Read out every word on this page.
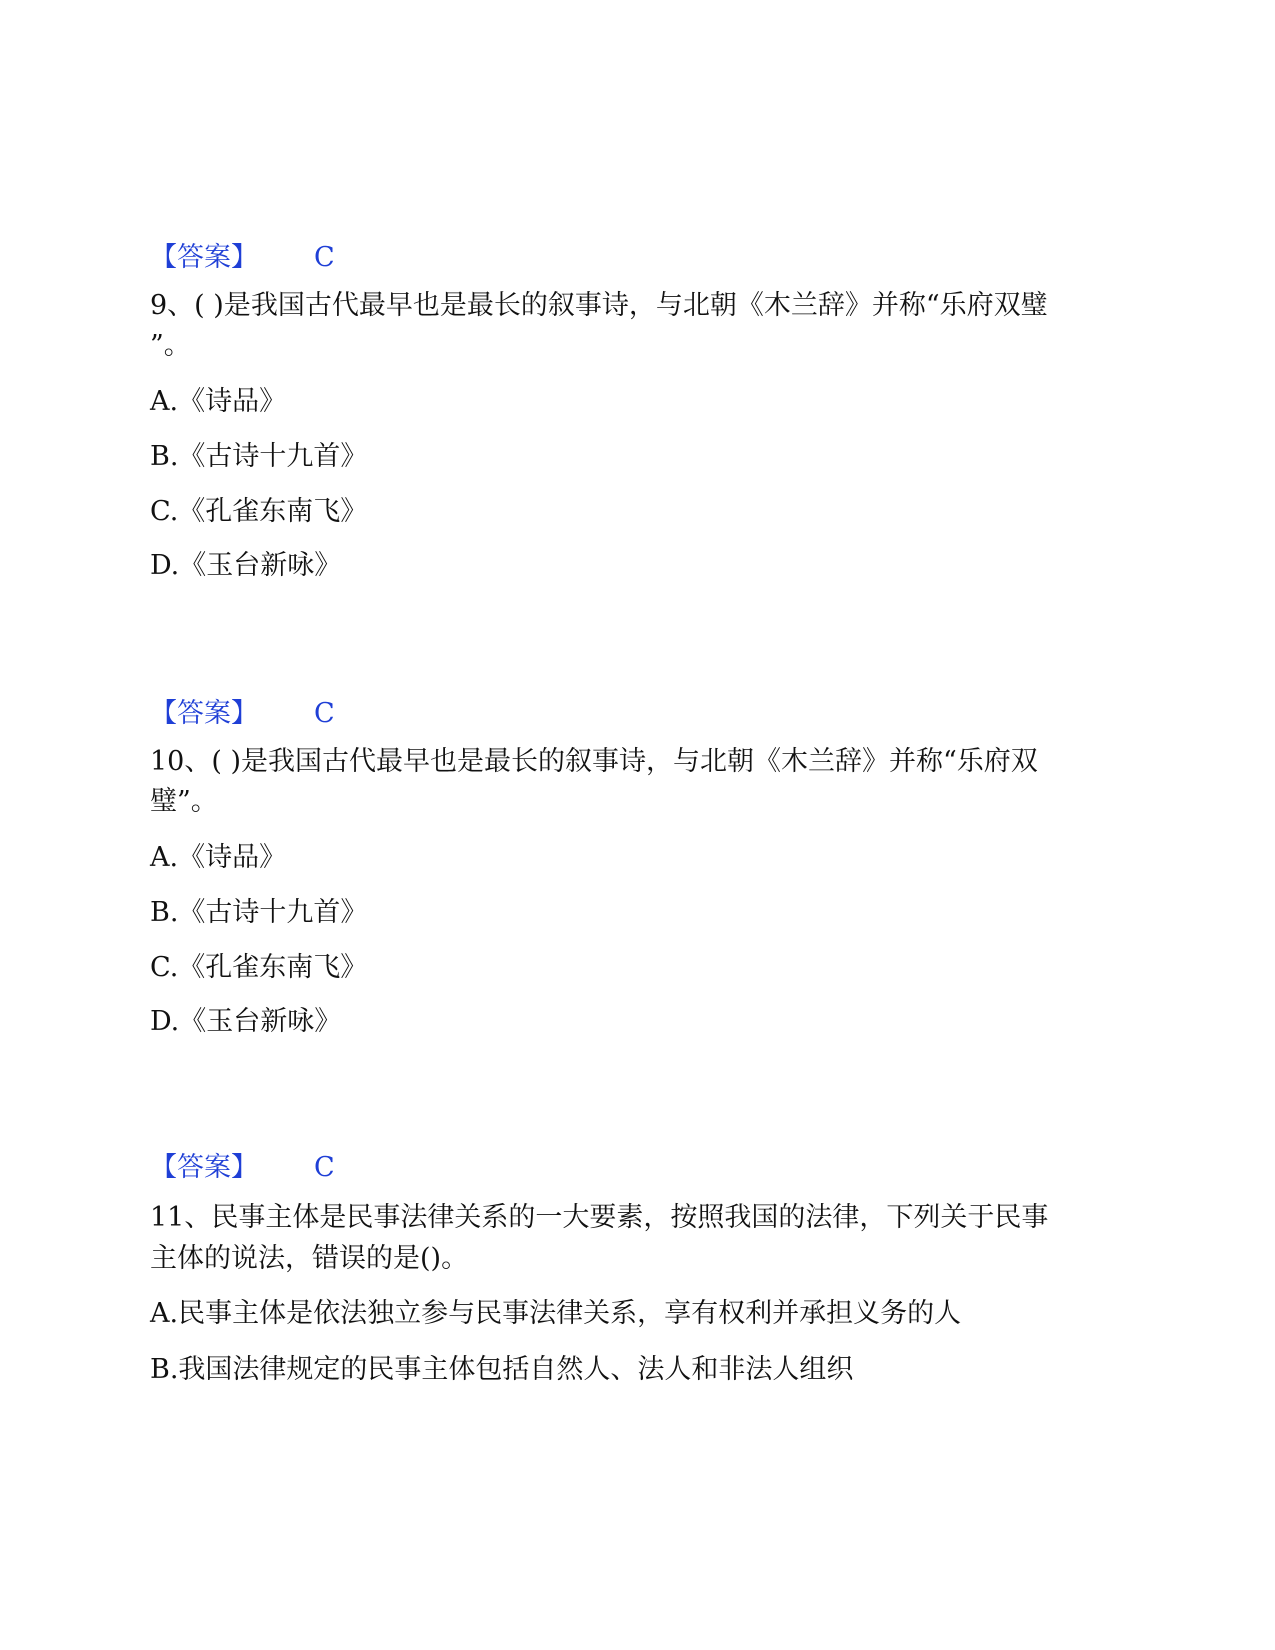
【答案】 C
9、( )是我国古代最早也是最长的叙事诗，与北朝《木兰辞》并称“乐府双璧
”。
A.《诗品》
B.《古诗十九首》
C.《孔雀东南飞》
D.《玉台新咏》
【答案】 C
10、( )是我国古代最早也是最长的叙事诗，与北朝《木兰辞》并称“乐府双
璧”。
A.《诗品》
B.《古诗十九首》
C.《孔雀东南飞》
D.《玉台新咏》
【答案】 C
11、民事主体是民事法律关系的一大要素，按照我国的法律，下列关于民事
主体的说法，错误的是()。
A.民事主体是依法独立参与民事法律关系，享有权利并承担义务的人
B.我国法律规定的民事主体包括自然人、法人和非法人组织
